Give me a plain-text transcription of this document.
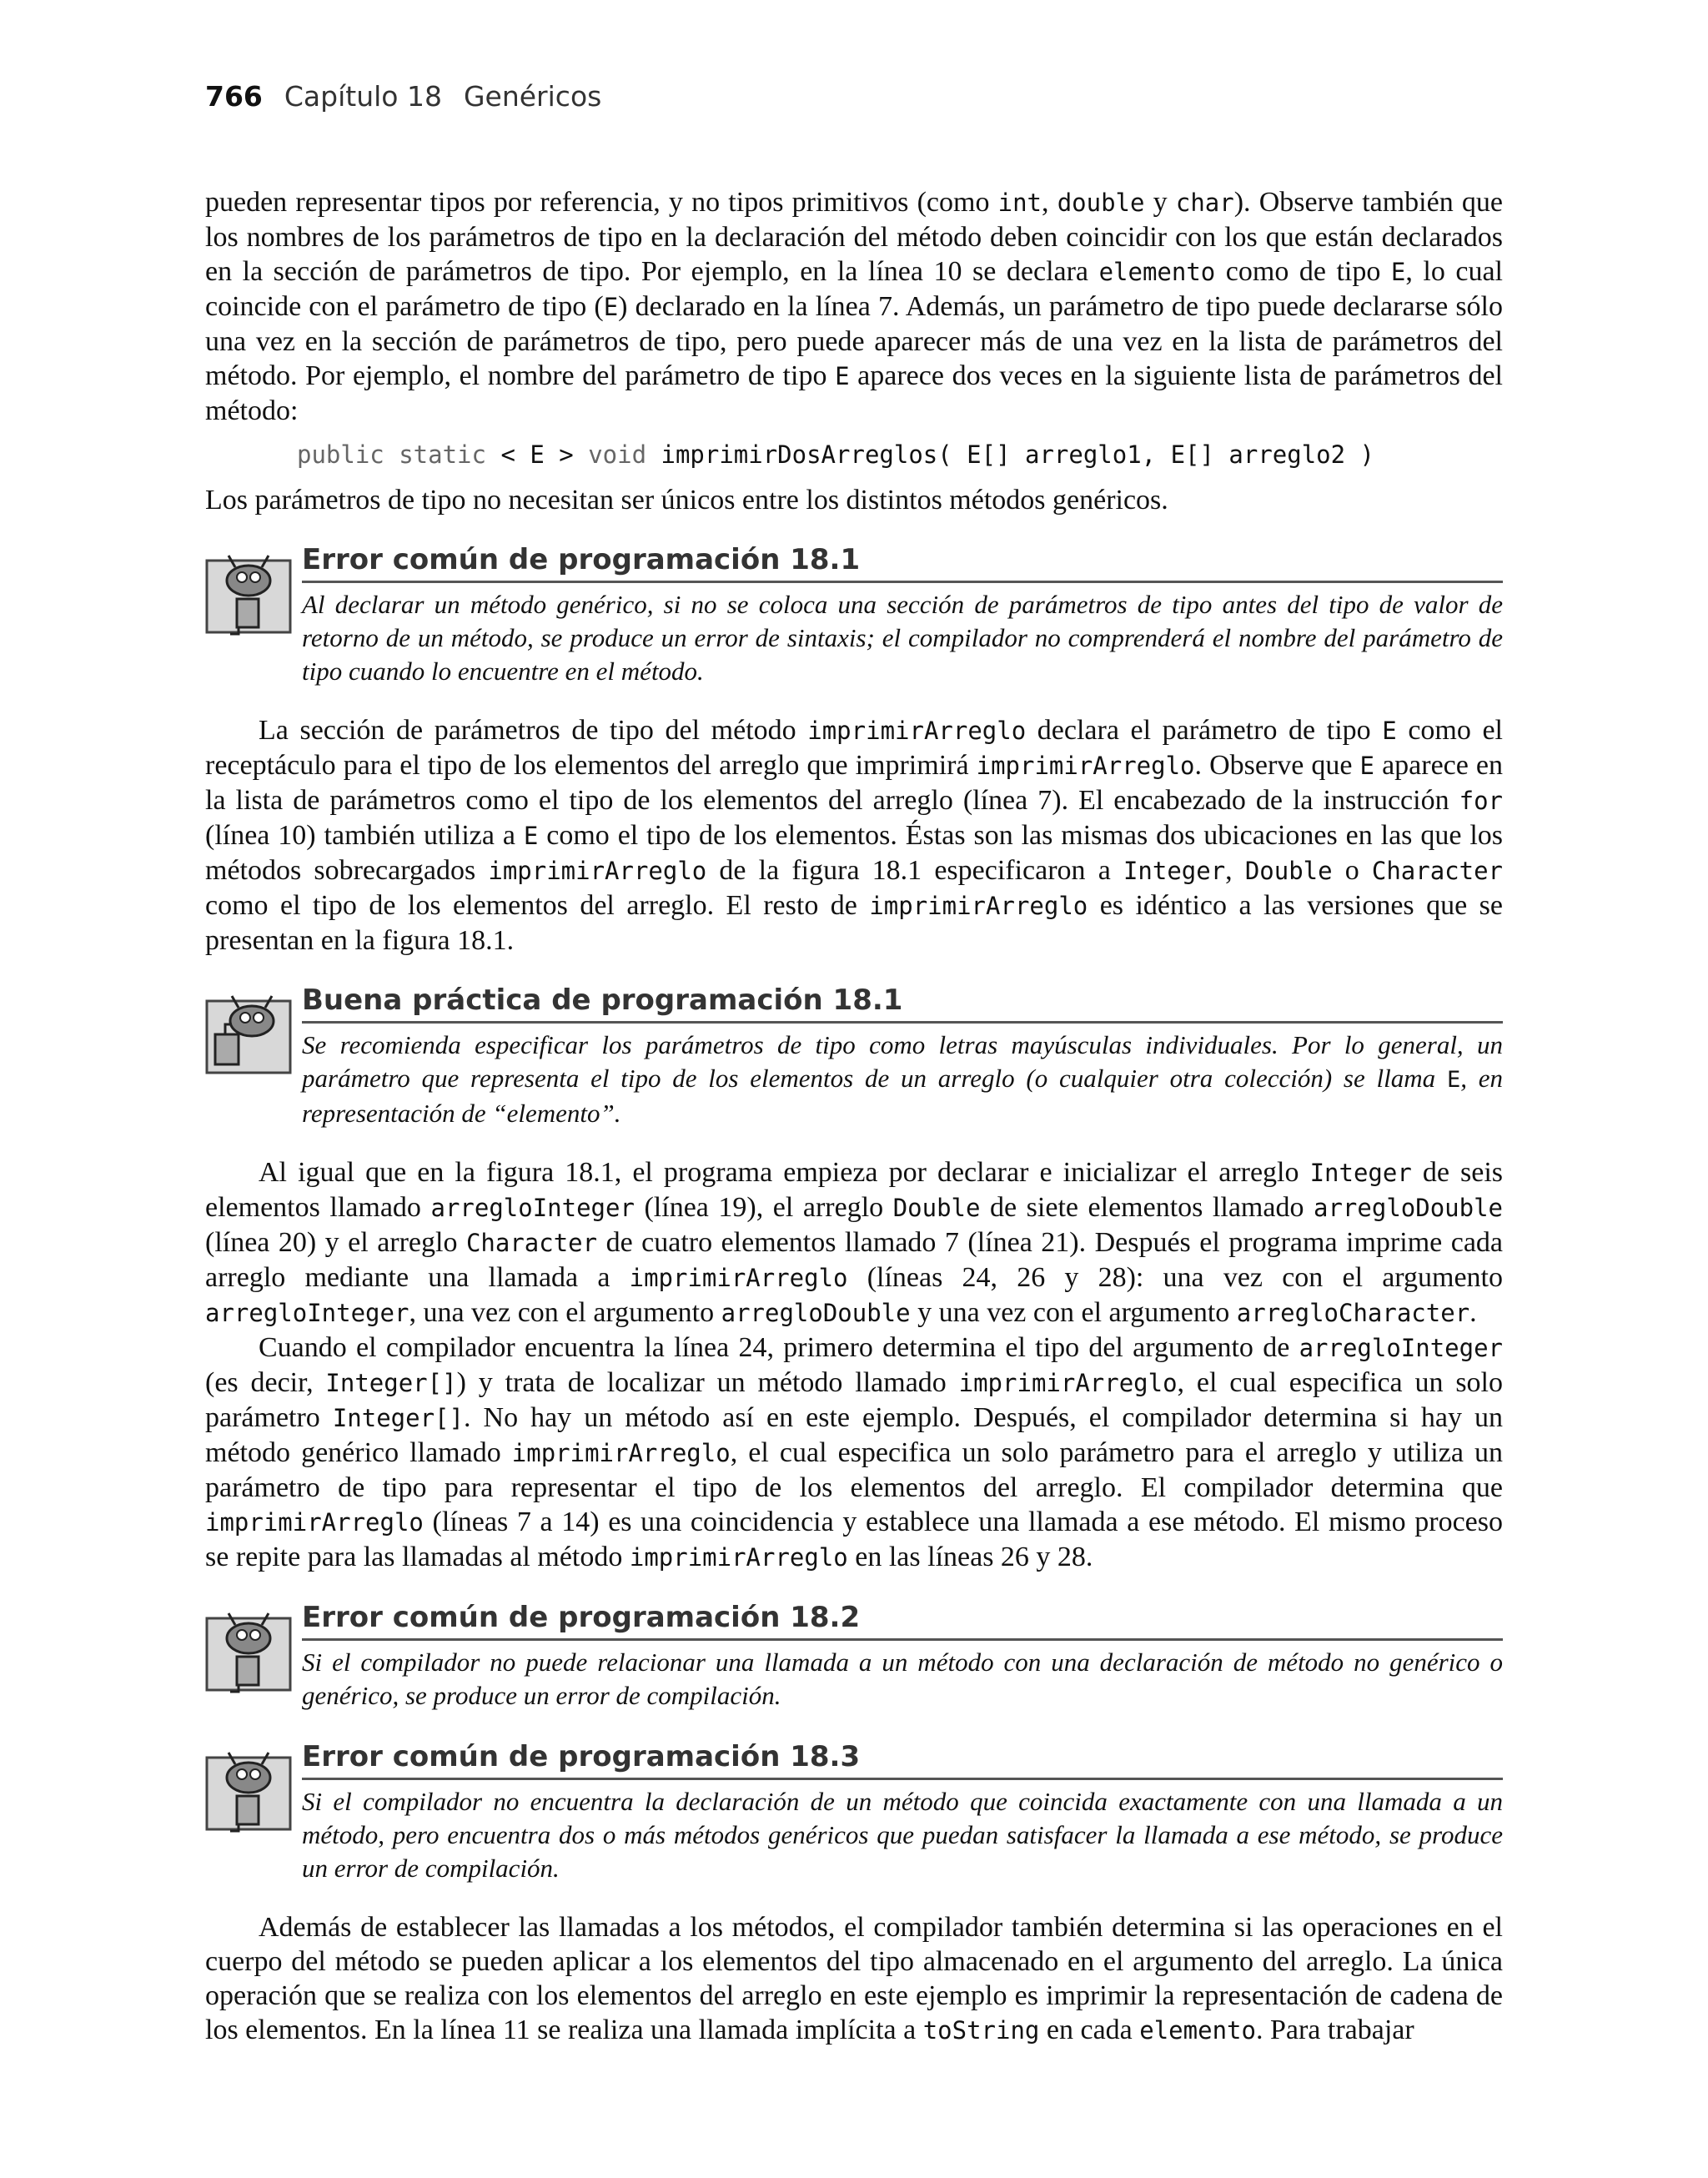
766 Capítulo 18 Genéricos

pueden representar tipos por referencia, y no tipos primitivos (como int, double y char). Observe también que los nombres de los parámetros de tipo en la declaración del método deben coincidir con los que están declarados en la sección de parámetros de tipo. Por ejemplo, en la línea 10 se declara elemento como de tipo E, lo cual coincide con el parámetro de tipo (E) declarado en la línea 7. Además, un parámetro de tipo puede declararse sólo una vez en la sección de parámetros de tipo, pero puede aparecer más de una vez en la lista de parámetros del método. Por ejemplo, el nombre del parámetro de tipo E aparece dos veces en la siguiente lista de parámetros del método:

public static < E > void imprimirDosArreglos( E[] arreglo1, E[] arreglo2 )

Los parámetros de tipo no necesitan ser únicos entre los distintos métodos genéricos.

Error común de programación 18.1
Al declarar un método genérico, si no se coloca una sección de parámetros de tipo antes del tipo de valor de retorno de un método, se produce un error de sintaxis; el compilador no comprenderá el nombre del parámetro de tipo cuando lo encuentre en el método.

La sección de parámetros de tipo del método imprimirArreglo declara el parámetro de tipo E como el receptáculo para el tipo de los elementos del arreglo que imprimirá imprimirArreglo. Observe que E aparece en la lista de parámetros como el tipo de los elementos del arreglo (línea 7). El encabezado de la instrucción for (línea 10) también utiliza a E como el tipo de los elementos. Éstas son las mismas dos ubicaciones en las que los métodos sobrecargados imprimirArreglo de la figura 18.1 especificaron a Integer, Double o Character como el tipo de los elementos del arreglo. El resto de imprimirArreglo es idéntico a las versiones que se presentan en la figura 18.1.

Buena práctica de programación 18.1
Se recomienda especificar los parámetros de tipo como letras mayúsculas individuales. Por lo general, un parámetro que representa el tipo de los elementos de un arreglo (o cualquier otra colección) se llama E, en representación de “elemento”.

Al igual que en la figura 18.1, el programa empieza por declarar e inicializar el arreglo Integer de seis elementos llamado arregloInteger (línea 19), el arreglo Double de siete elementos llamado arregloDouble (línea 20) y el arreglo Character de cuatro elementos llamado 7 (línea 21). Después el programa imprime cada arreglo mediante una llamada a imprimirArreglo (líneas 24, 26 y 28): una vez con el argumento arregloInteger, una vez con el argumento arregloDouble y una vez con el argumento arregloCharacter.

Cuando el compilador encuentra la línea 24, primero determina el tipo del argumento de arregloInteger (es decir, Integer[]) y trata de localizar un método llamado imprimirArreglo, el cual especifica un solo parámetro Integer[]. No hay un método así en este ejemplo. Después, el compilador determina si hay un método genérico llamado imprimirArreglo, el cual especifica un solo parámetro para el arreglo y utiliza un parámetro de tipo para representar el tipo de los elementos del arreglo. El compilador determina que imprimirArreglo (líneas 7 a 14) es una coincidencia y establece una llamada a ese método. El mismo proceso se repite para las llamadas al método imprimirArreglo en las líneas 26 y 28.

Error común de programación 18.2
Si el compilador no puede relacionar una llamada a un método con una declaración de método no genérico o genérico, se produce un error de compilación.
Error común de programación 18.3
Si el compilador no encuentra la declaración de un método que coincida exactamente con una llamada a un método, pero encuentra dos o más métodos genéricos que puedan satisfacer la llamada a ese método, se produce un error de compilación.

Además de establecer las llamadas a los métodos, el compilador también determina si las operaciones en el cuerpo del método se pueden aplicar a los elementos del tipo almacenado en el argumento del arreglo. La única operación que se realiza con los elementos del arreglo en este ejemplo es imprimir la representación de cadena de los elementos. En la línea 11 se realiza una llamada implícita a toString en cada elemento. Para trabajar
